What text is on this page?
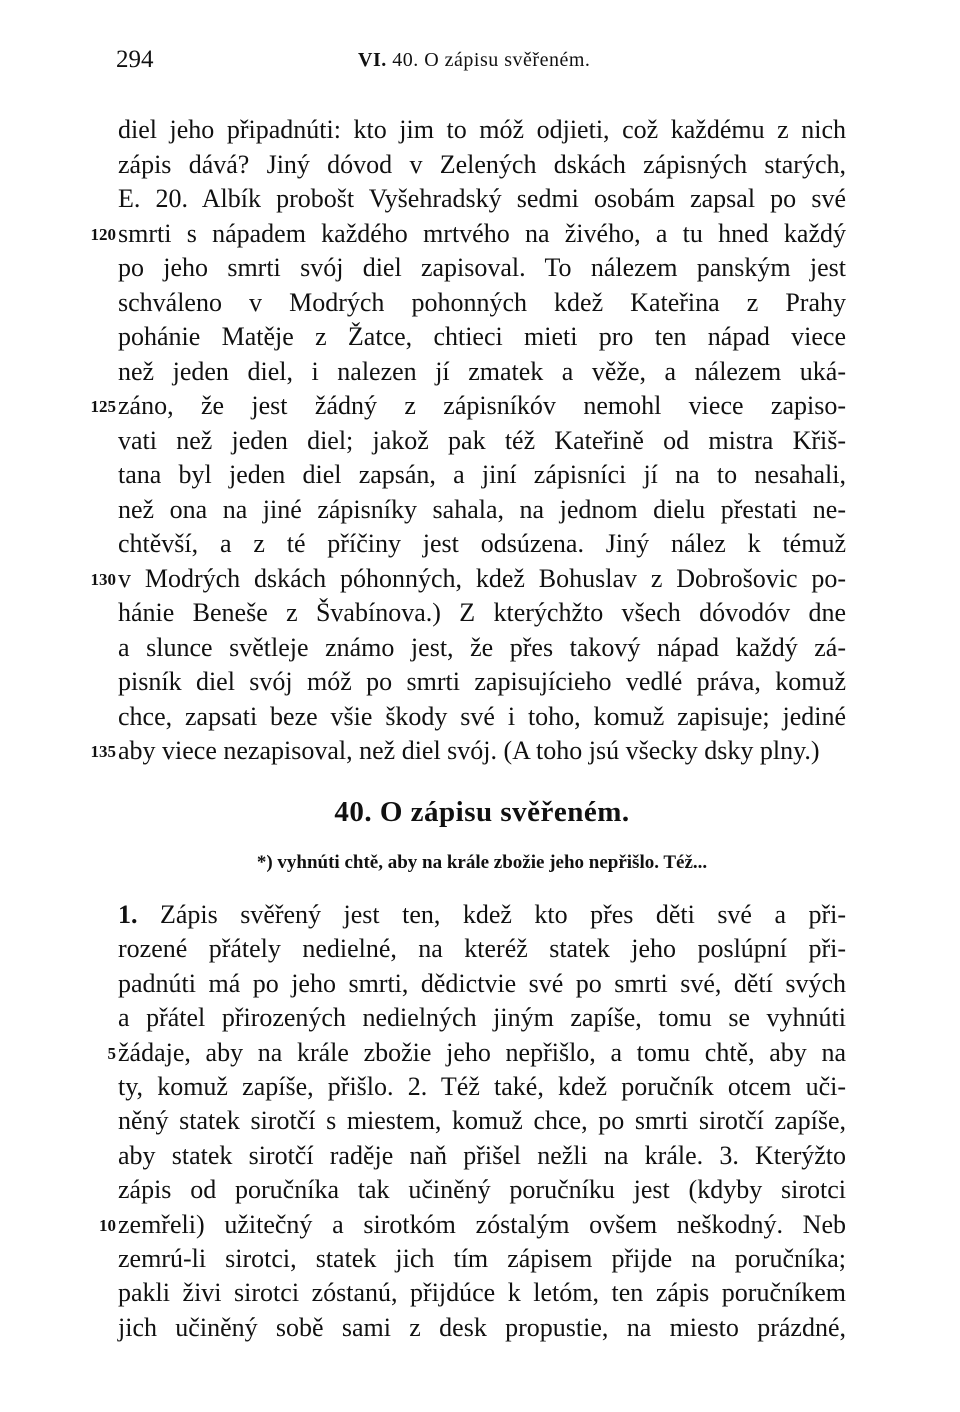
294	VI. 40. O zápisu svěřeném.
diel jeho připadnúti: kto jim to móž odjieti, což každému z nich
zápis dává? Jiný dóvod v Zelených dskách zápisných starých,
E. 20. Albík probošt Vyšehradský sedmi osobám zapsal po své
smrti s nápadem každého mrtvého na živého, a tu hned každý
120
po jeho smrti svój diel zapisoval. To nálezem panským jest
schváleno v Modrých pohonných kdež Kateřina z Prahy
pohánie Matěje z Žatce, chtieci mieti pro ten nápad viece
než jeden diel, i nalezen jí zmatek a věže, a nálezem uká-
záno, že jest žádný z zápisníkóv nemohl viece zapiso-
125
vati než jeden diel; jakož pak též Kateřině od mistra Křiš-
tana byl jeden diel zapsán, a jiní zápisníci jí na to nesahali,
než ona na jiné zápisníky sahala, na jednom dielu přestati ne-
chtěvší, a z té příčiny jest odsúzena. Jiný nález k témuž
v Modrých dskách póhonných, kdež Bohuslav z Dobrošovic po-
130
hánie Beneše z Švabínova.) Z kterýchžto všech dóvodóv dne
a slunce světleje známo jest, že přes takový nápad každý zá-
pisník diel svój móž po smrti zapisujícieho vedlé práva, komuž
chce, zapsati beze všie škody své i toho, komuž zapisuje; jediné
aby viece nezapisoval, než diel svój. (A toho jsú všecky dsky plny.)
135
40. O zápisu svěřeném.
*) vyhnúti chtě, aby na krále zbožie jeho nepřišlo. Též...
1. Zápis svěřený jest ten, kdež kto přes děti své a při-
rozené přátely nedielné, na kteréž statek jeho poslúpní při-
padnúti má po jeho smrti, dědictvie své po smrti své, dětí svých
a přátel přirozených nedielných jiným zapíše, tomu se vyhnúti
žádaje, aby na krále zbožie jeho nepřišlo, a tomu chtě, aby na
5
ty, komuž zapíše, přišlo. 2. Též také, kdež poručník otcem uči-
něný statek sirotčí s miestem, komuž chce, po smrti sirotčí zapíše,
aby statek sirotčí raděje naň přišel nežli na krále. 3. Kterýžto
zápis od poručníka tak učiněný poručníku jest (kdyby sirotci
zemřeli) užitečný a sirotkóm zóstalým ovšem neškodný. Neb
10
zemrú-li sirotci, statek jich tím zápisem přijde na poručníka;
pakli živi sirotci zóstanú, přijdúce k letóm, ten zápis poručníkem
jich učiněný sobě sami z desk propustie, na miesto prázdné,
